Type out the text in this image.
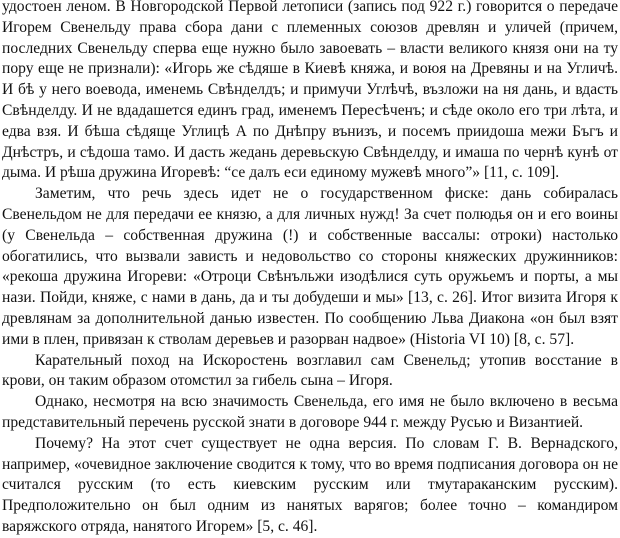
удостоен леном. В Новгородской Первой летописи (запись под 922 г.) говорится о передаче Игорем Свенельду права сбора дани с племенных союзов древлян и уличей (причем, последних Свенельду сперва еще нужно было завоевать – власти великого князя они на ту пору еще не признали): «Игорь же сѣдяше в Киевѣ княжа, и воюя на Древяны и на Угличѣ. И бѣ у него воевода, именемь Свѣнделдъ; и примучи Углѣчѣ, възложи на ня дань, и вдасть Свѣнделду. И не вдадашется единъ град, именемъ Пересѣченъ; и сѣде около его три лѣта, и едва взя. И бѣша сѣдяще Углицѣ А по Днѣпру вънизъ, и посемъ приидоша межи Бъгъ и Днѣстръ, и сѣдоша тамо. И дасть жедань деревьскую Свѣнделду, и имаша по чернѣ кунѣ от дыма. И рѣша дружина Игоревѣ: “се далъ еси единому мужевѣ много”» [11, с. 109].

Заметим, что речь здесь идет не о государственном фиске: дань собиралась Свенельдом не для передачи ее князю, а для личных нужд! За счет полюдья он и его воины (у Свенельда – собственная дружина (!) и собственные вассалы: отроки) настолько обогатились, что вызвали зависть и недовольство со стороны княжеских дружинников: «рекоша дружина Игореви: «Отроци Свѣнъльжи изодѣлися суть оружьемъ и порты, а мы нази. Пойди, княже, с нами в дань, да и ты добудеши и мы» [13, с. 26]. Итог визита Игоря к древлянам за дополнительной данью известен. По сообщению Льва Диакона «он был взят ими в плен, привязан к стволам деревьев и разорван надвое» (Historia VI 10) [8, с. 57].

Карательный поход на Искоростень возглавил сам Свенельд; утопив восстание в крови, он таким образом отомстил за гибель сына – Игоря.

Однако, несмотря на всю значимость Свенельда, его имя не было включено в весьма представительный перечень русской знати в договоре 944 г. между Русью и Византией.

Почему? На этот счет существует не одна версия. По словам Г. В. Вернадского, например, «очевидное заключение сводится к тому, что во время подписания договора он не считался русским (то есть киевским русским или тмутараканским русским). Предположительно он был одним из нанятых варягов; более точно – командиром варяжского отряда, нанятого Игорем» [5, с. 46].
